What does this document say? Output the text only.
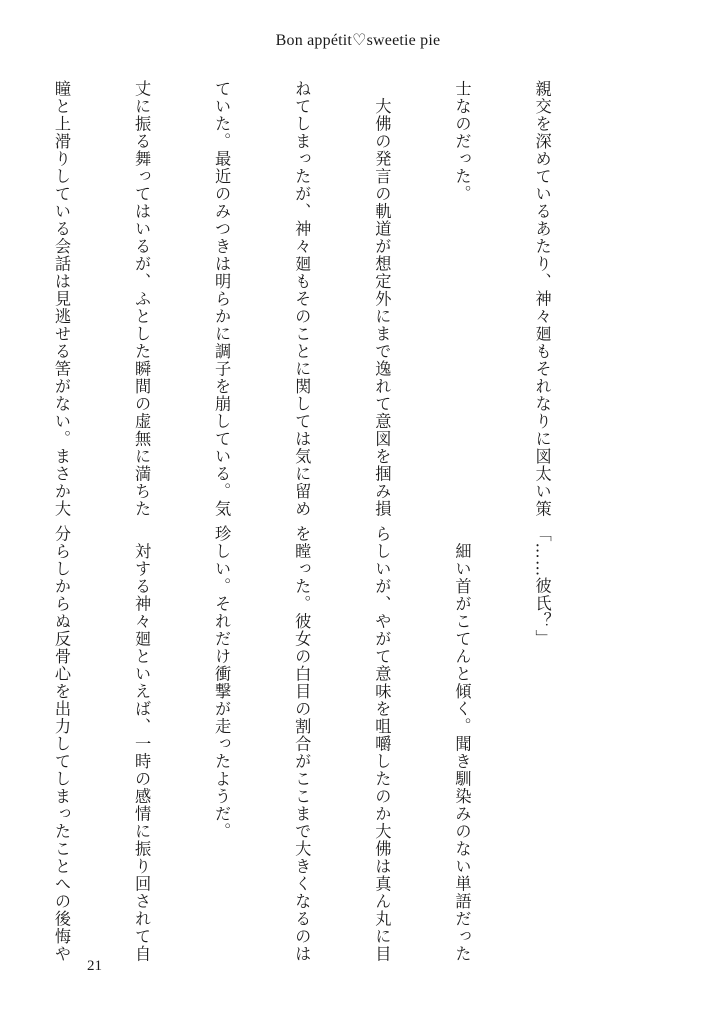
Bon appétit♡sweetie pie

親交を深めているあたり、神々廻もそれなりに図太い策

士なのだった。

　大佛の発言の軌道が想定外にまで逸れて意図を掴み損

ねてしまったが、神々廻もそのことに関しては気に留め

ていた。最近のみつきは明らかに調子を崩している。気

丈に振る舞ってはいるが、ふとした瞬間の虚無に満ちた

瞳と上滑りしている会話は見逃せる筈がない。まさか大

「……彼氏？」

　細い首がこてんと傾く。聞き馴染みのない単語だった

らしいが、やがて意味を咀嚼したのか大佛は真ん丸に目

を瞠った。彼女の白目の割合がここまで大きくなるのは

珍しい。それだけ衝撃が走ったようだ。

　対する神々廻といえば、一時の感情に振り回されて自

分らしからぬ反骨心を出力してしまったことへの後悔や

21
